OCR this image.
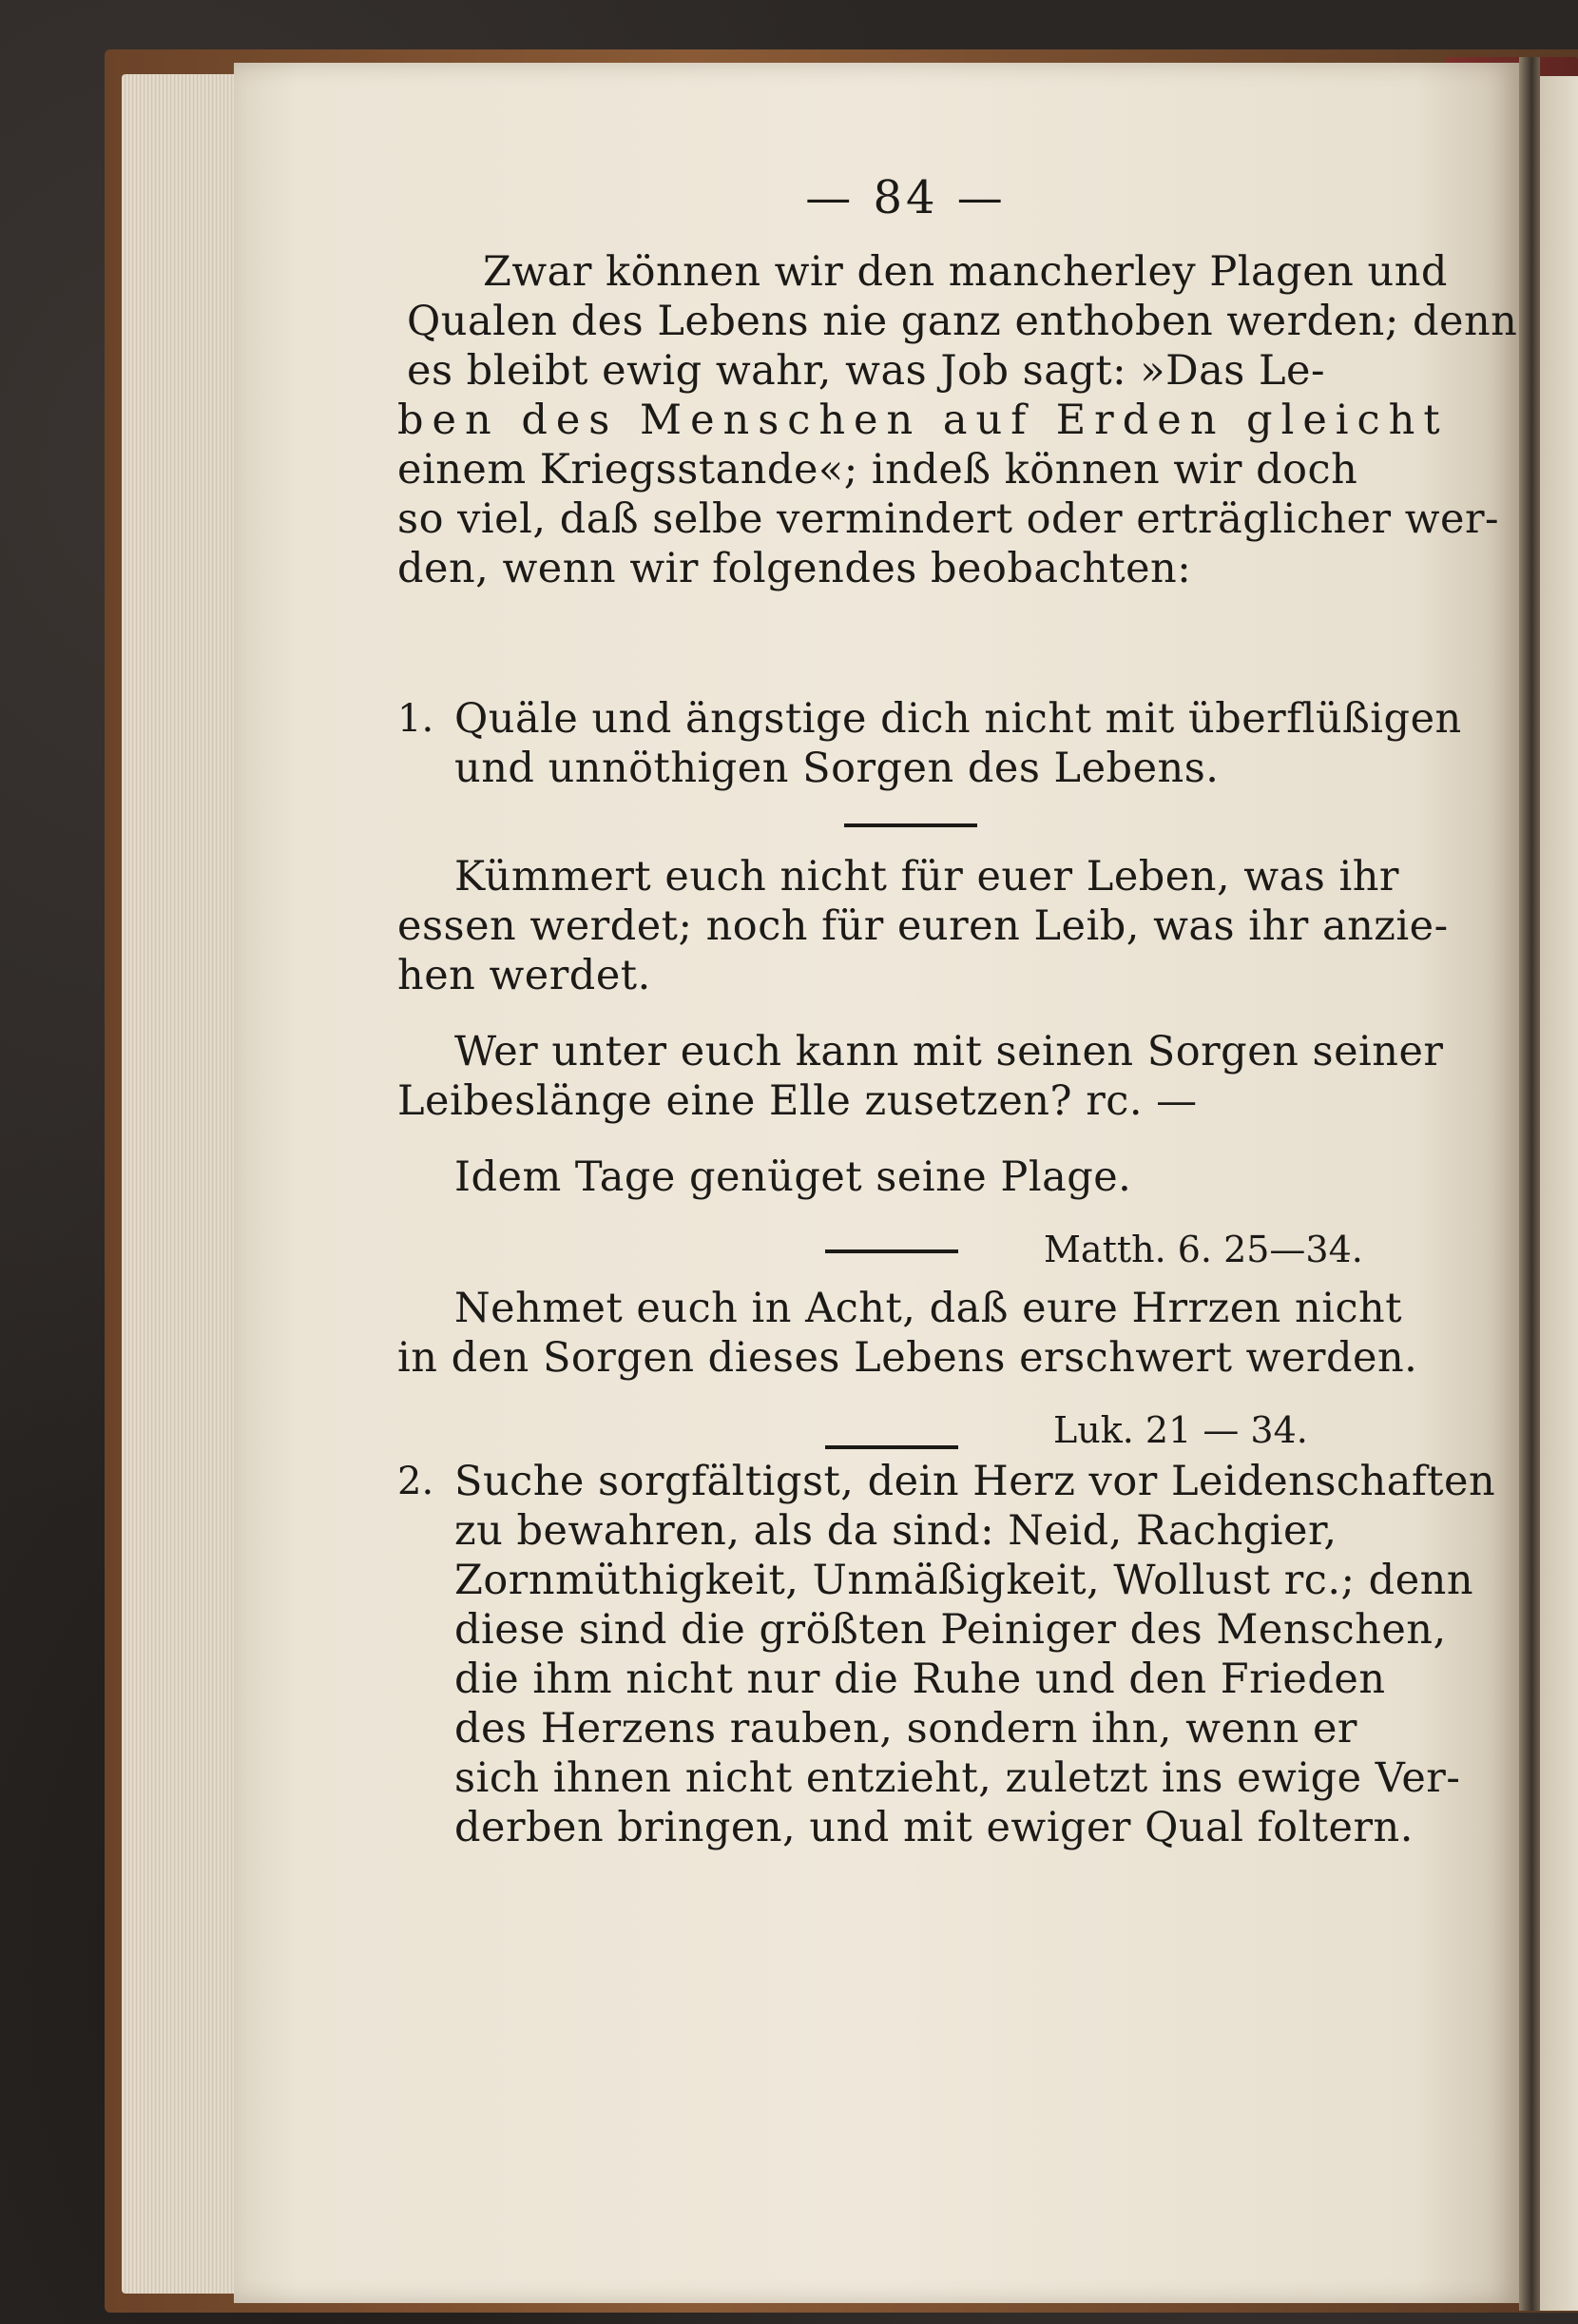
— 84 —
Zwar können wir den mancherley Plagen und
Qualen des Lebens nie ganz enthoben werden; denn
es bleibt ewig wahr, was Job sagt: »Das Le-
ben des Menschen auf Erden gleicht
einem Kriegsstande«; indeß können wir doch
so viel, daß selbe vermindert oder erträglicher wer-
den, wenn wir folgendes beobachten:
1. Quäle und ängstige dich nicht mit überflüßigen
und unnöthigen Sorgen des Lebens.
Kümmert euch nicht für euer Leben, was ihr
essen werdet; noch für euren Leib, was ihr anzie-
hen werdet.
Wer unter euch kann mit seinen Sorgen seiner
Leibeslänge eine Elle zusetzen? rc. —
Idem Tage genüget seine Plage.
Matth. 6. 25—34.
Nehmet euch in Acht, daß eure Hrrzen nicht
in den Sorgen dieses Lebens erschwert werden.
Luk. 21 — 34.
2. Suche sorgfältigst, dein Herz vor Leidenschaften
zu bewahren, als da sind: Neid, Rachgier,
Zornmüthigkeit, Unmäßigkeit, Wollust rc.; denn
diese sind die größten Peiniger des Menschen,
die ihm nicht nur die Ruhe und den Frieden
des Herzens rauben, sondern ihn, wenn er
sich ihnen nicht entzieht, zuletzt ins ewige Ver-
derben bringen, und mit ewiger Qual foltern.
